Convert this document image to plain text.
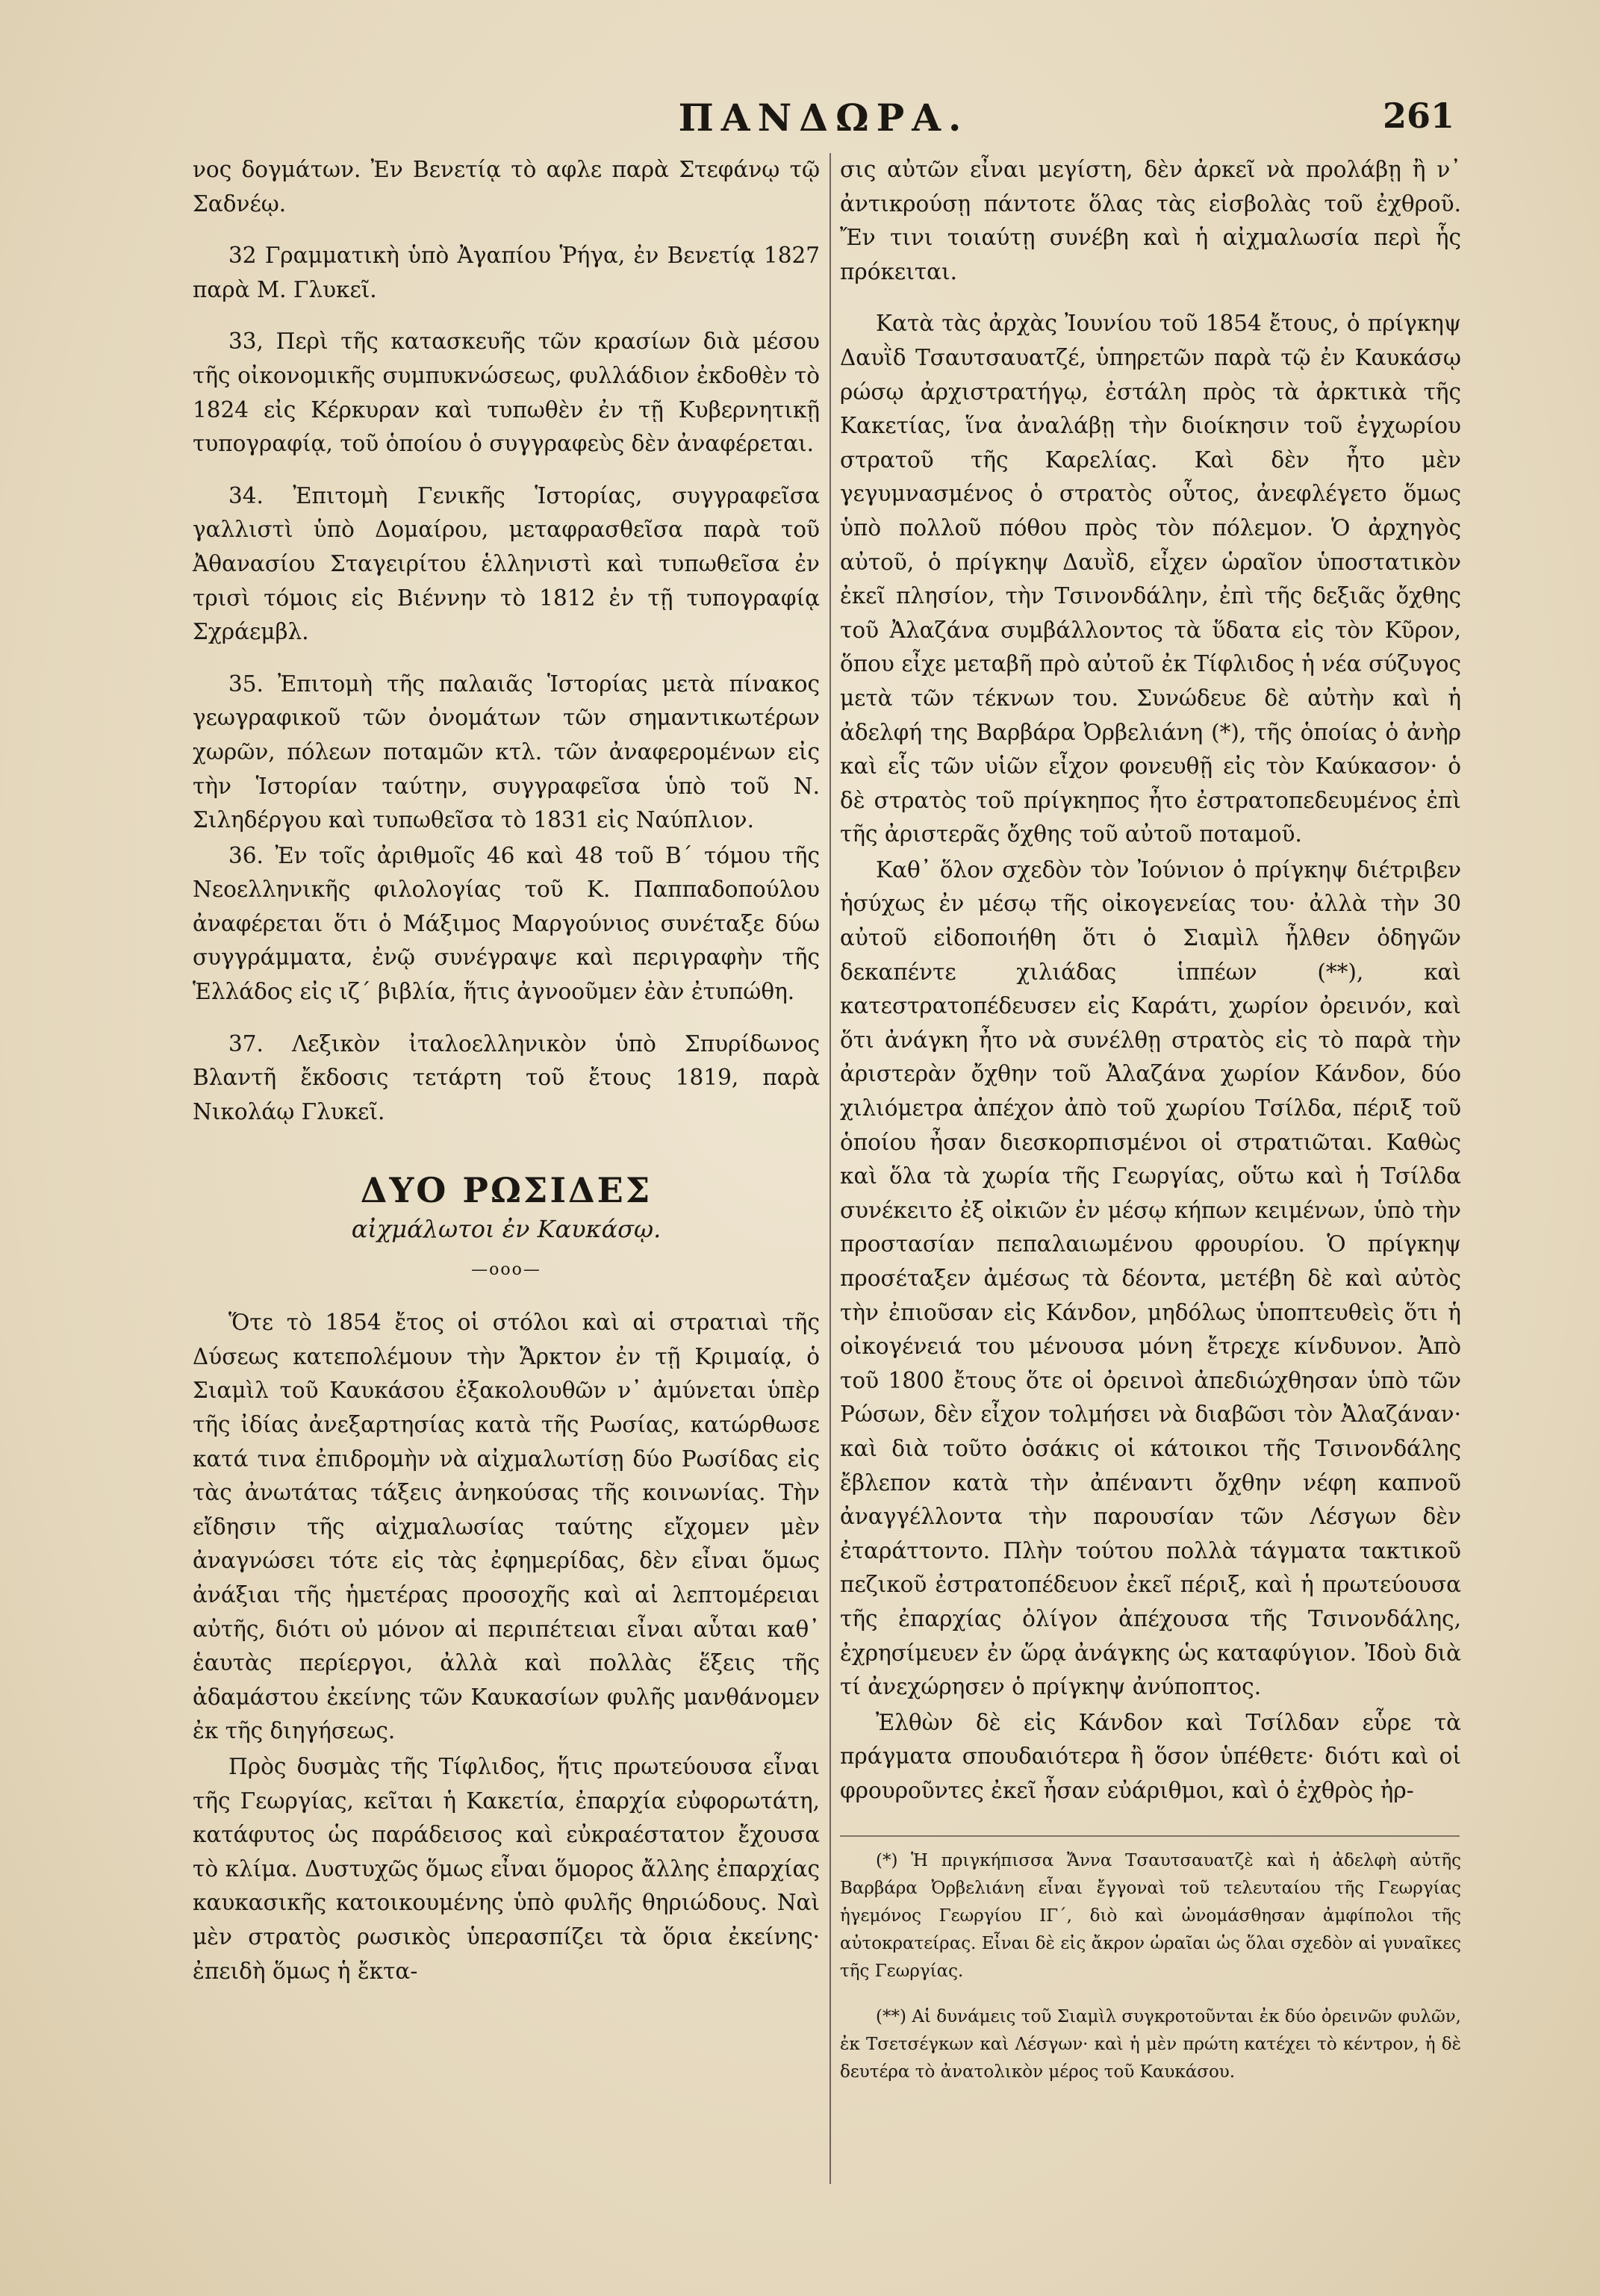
ΠΑΝΔΩΡΑ.	261

νος δογμάτων. Ἐν Βενετίᾳ τὸ αφλε παρὰ Στεφάνῳ τῷ Σαδνέῳ.

32 Γραμματικὴ ὑπὸ Ἀγαπίου Ῥήγα, ἐν Βενετίᾳ 1827 παρὰ Μ. Γλυκεῖ.

33, Περὶ τῆς κατασκευῆς τῶν κρασίων διὰ μέσου τῆς οἰκονομικῆς συμπυκνώσεως, φυλλάδιον ἐκδοθὲν τὸ 1824 εἰς Κέρκυραν καὶ τυπωθὲν ἐν τῇ Κυβερνητικῇ τυπογραφίᾳ, τοῦ ὁποίου ὁ συγγραφεὺς δὲν ἀναφέρεται.

34. Ἐπιτομὴ Γενικῆς Ἱστορίας, συγγραφεῖσα γαλλιστὶ ὑπὸ Δομαίρου, μεταφρασθεῖσα παρὰ τοῦ Ἀθανασίου Σταγειρίτου ἑλληνιστὶ καὶ τυπωθεῖσα ἐν τρισὶ τόμοις εἰς Βιέννην τὸ 1812 ἐν τῇ τυπογραφίᾳ Σχράεμβλ.

35. Ἐπιτομὴ τῆς παλαιᾶς Ἱστορίας μετὰ πίνακος γεωγραφικοῦ τῶν ὀνομάτων τῶν σημαντικωτέρων χωρῶν, πόλεων ποταμῶν κτλ. τῶν ἀναφερομένων εἰς τὴν Ἱστορίαν ταύτην, συγγραφεῖσα ὑπὸ τοῦ Ν. Σιληδέργου καὶ τυπωθεῖσα τὸ 1831 εἰς Ναύπλιον.

36. Ἐν τοῖς ἀριθμοῖς 46 καὶ 48 τοῦ Β΄ τόμου τῆς Νεοελληνικῆς φιλολογίας τοῦ Κ. Παππαδοπούλου ἀναφέρεται ὅτι ὁ Μάξιμος Μαργούνιος συνέταξε δύω συγγράμματα, ἐνῷ συνέγραψε καὶ περιγραφὴν τῆς Ἑλλάδος εἰς ιζ΄ βιβλία, ἥτις ἀγνοοῦμεν ἐὰν ἐτυπώθη.

37. Λεξικὸν ἰταλοελληνικὸν ὑπὸ Σπυρίδωνος Βλαντῆ ἔκδοσις τετάρτη τοῦ ἔτους 1819, παρὰ Νικολάῳ Γλυκεῖ.

ΔΥΟ ΡΩΣΙΔΕΣ
αἰχμάλωτοι ἐν Καυκάσῳ.
—ooo—

Ὅτε τὸ 1854 ἔτος οἱ στόλοι καὶ αἱ στρατιαὶ τῆς Δύσεως κατεπολέμουν τὴν Ἄρκτον ἐν τῇ Κριμαίᾳ, ὁ Σιαμὶλ τοῦ Καυκάσου ἐξακολουθῶν ν᾿ ἀμύνεται ὑπὲρ τῆς ἰδίας ἀνεξαρτησίας κατὰ τῆς Ρωσίας, κατώρθωσε κατά τινα ἐπιδρομὴν νὰ αἰχμαλωτίσῃ δύο Ρωσίδας εἰς τὰς ἀνωτάτας τάξεις ἀνηκούσας τῆς κοινωνίας. Τὴν εἴδησιν τῆς αἰχμαλωσίας ταύτης εἴχομεν μὲν ἀναγνώσει τότε εἰς τὰς ἐφημερίδας, δὲν εἶναι ὅμως ἀνάξιαι τῆς ἡμετέρας προσοχῆς καὶ αἱ λεπτομέρειαι αὐτῆς, διότι οὐ μόνον αἱ περιπέτειαι εἶναι αὗται καθ᾿ ἑαυτὰς περίεργοι, ἀλλὰ καὶ πολλὰς ἕξεις τῆς ἀδαμάστου ἐκείνης τῶν Καυκασίων φυλῆς μανθάνομεν ἐκ τῆς διηγήσεως.

Πρὸς δυσμὰς τῆς Τίφλιδος, ἥτις πρωτεύουσα εἶναι τῆς Γεωργίας, κεῖται ἡ Κακετία, ἐπαρχία εὐφορωτάτη, κατάφυτος ὡς παράδεισος καὶ εὐκραέστατον ἔχουσα τὸ κλίμα. Δυστυχῶς ὅμως εἶναι ὅμορος ἄλλης ἐπαρχίας καυκασικῆς κατοικουμένης ὑπὸ φυλῆς θηριώδους. Ναὶ μὲν στρατὸς ρωσικὸς ὑπερασπίζει τὰ ὅρια ἐκείνης· ἐπειδὴ ὅμως ἡ ἔκτα-

σις αὐτῶν εἶναι μεγίστη, δὲν ἀρκεῖ νὰ προλάβῃ ἢ ν᾿ ἀντικρούσῃ πάντοτε ὅλας τὰς εἰσβολὰς τοῦ ἐχθροῦ. Ἔν τινι τοιαύτῃ συνέβη καὶ ἡ αἰχμαλωσία περὶ ἧς πρόκειται.

Κατὰ τὰς ἀρχὰς Ἰουνίου τοῦ 1854 ἔτους, ὁ πρίγκηψ Δαυῒδ Τσαυτσαυατζέ, ὑπηρετῶν παρὰ τῷ ἐν Καυκάσῳ ρώσῳ ἀρχιστρατήγῳ, ἐστάλη πρὸς τὰ ἀρκτικὰ τῆς Κακετίας, ἵνα ἀναλάβῃ τὴν διοίκησιν τοῦ ἐγχωρίου στρατοῦ τῆς Καρελίας. Καὶ δὲν ἦτο μὲν γεγυμνασμένος ὁ στρατὸς οὗτος, ἀνεφλέγετο ὅμως ὑπὸ πολλοῦ πόθου πρὸς τὸν πόλεμον. Ὁ ἀρχηγὸς αὐτοῦ, ὁ πρίγκηψ Δαυῒδ, εἶχεν ὡραῖον ὑποστατικὸν ἐκεῖ πλησίον, τὴν Τσινονδάλην, ἐπὶ τῆς δεξιᾶς ὄχθης τοῦ Ἀλαζάνα συμβάλλοντος τὰ ὕδατα εἰς τὸν Κῦρον, ὅπου εἶχε μεταβῆ πρὸ αὐτοῦ ἐκ Τίφλιδος ἡ νέα σύζυγος μετὰ τῶν τέκνων του. Συνώδευε δὲ αὐτὴν καὶ ἡ ἀδελφή της Βαρβάρα Ὀρβελιάνη (*), τῆς ὁποίας ὁ ἀνὴρ καὶ εἷς τῶν υἱῶν εἶχον φονευθῇ εἰς τὸν Καύκασον· ὁ δὲ στρατὸς τοῦ πρίγκηπος ἦτο ἐστρατοπεδευμένος ἐπὶ τῆς ἀριστερᾶς ὄχθης τοῦ αὐτοῦ ποταμοῦ.

Καθ᾿ ὅλον σχεδὸν τὸν Ἰούνιον ὁ πρίγκηψ διέτριβεν ἡσύχως ἐν μέσῳ τῆς οἰκογενείας του· ἀλλὰ τὴν 30 αὐτοῦ εἰδοποιήθη ὅτι ὁ Σιαμὶλ ἦλθεν ὁδηγῶν δεκαπέντε χιλιάδας ἱππέων (**), καὶ κατεστρατοπέδευσεν εἰς Καράτι, χωρίον ὀρεινόν, καὶ ὅτι ἀνάγκη ἦτο νὰ συνέλθῃ στρατὸς εἰς τὸ παρὰ τὴν ἀριστερὰν ὄχθην τοῦ Ἀλαζάνα χωρίον Κάνδον, δύο χιλιόμετρα ἀπέχον ἀπὸ τοῦ χωρίου Τσίλδα, πέριξ τοῦ ὁποίου ἦσαν διεσκορπισμένοι οἱ στρατιῶται. Καθὼς καὶ ὅλα τὰ χωρία τῆς Γεωργίας, οὕτω καὶ ἡ Τσίλδα συνέκειτο ἐξ οἰκιῶν ἐν μέσῳ κήπων κειμένων, ὑπὸ τὴν προστασίαν πεπαλαιωμένου φρουρίου. Ὁ πρίγκηψ προσέταξεν ἀμέσως τὰ δέοντα, μετέβη δὲ καὶ αὐτὸς τὴν ἐπιοῦσαν εἰς Κάνδον, μηδόλως ὑποπτευθεὶς ὅτι ἡ οἰκογένειά του μένουσα μόνη ἔτρεχε κίνδυνον. Ἀπὸ τοῦ 1800 ἔτους ὅτε οἱ ὀρεινοὶ ἀπεδιώχθησαν ὑπὸ τῶν Ρώσων, δὲν εἶχον τολμήσει νὰ διαβῶσι τὸν Ἀλαζάναν· καὶ διὰ τοῦτο ὁσάκις οἱ κάτοικοι τῆς Τσινονδάλης ἔβλεπον κατὰ τὴν ἀπέναντι ὄχθην νέφη καπνοῦ ἀναγγέλλοντα τὴν παρουσίαν τῶν Λέσγων δὲν ἐταράττοντο. Πλὴν τούτου πολλὰ τάγματα τακτικοῦ πεζικοῦ ἐστρατοπέδευον ἐκεῖ πέριξ, καὶ ἡ πρωτεύουσα τῆς ἐπαρχίας ὀλίγον ἀπέχουσα τῆς Τσινονδάλης, ἐχρησίμευεν ἐν ὥρᾳ ἀνάγκης ὡς καταφύγιον. Ἰδοὺ διὰ τί ἀνεχώρησεν ὁ πρίγκηψ ἀνύποπτος.

Ἐλθὼν δὲ εἰς Κάνδον καὶ Τσίλδαν εὗρε τὰ πράγματα σπουδαιότερα ἢ ὅσον ὑπέθετε· διότι καὶ οἱ φρουροῦντες ἐκεῖ ἦσαν εὐάριθμοι, καὶ ὁ ἐχθρὸς ἠρ-

(*) Ἡ πριγκήπισσα Ἄννα Τσαυτσαυατζὲ καὶ ἡ ἀδελφὴ αὐτῆς Βαρβάρα Ὀρβελιάνη εἶναι ἔγγοναὶ τοῦ τελευταίου τῆς Γεωργίας ἡγεμόνος Γεωργίου ΙΓ΄, διὸ καὶ ὠνομάσθησαν ἀμφίπολοι τῆς αὐτοκρατείρας. Εἶναι δὲ εἰς ἄκρον ὡραῖαι ὡς ὅλαι σχεδὸν αἱ γυναῖκες τῆς Γεωργίας.

(**) Αἱ δυνάμεις τοῦ Σιαμὶλ συγκροτοῦνται ἐκ δύο ὀρεινῶν φυλῶν, ἐκ Τσετσέγκων καὶ Λέσγων· καὶ ἡ μὲν πρώτη κατέχει τὸ κέντρον, ἡ δὲ δευτέρα τὸ ἀνατολικὸν μέρος τοῦ Καυκάσου.
